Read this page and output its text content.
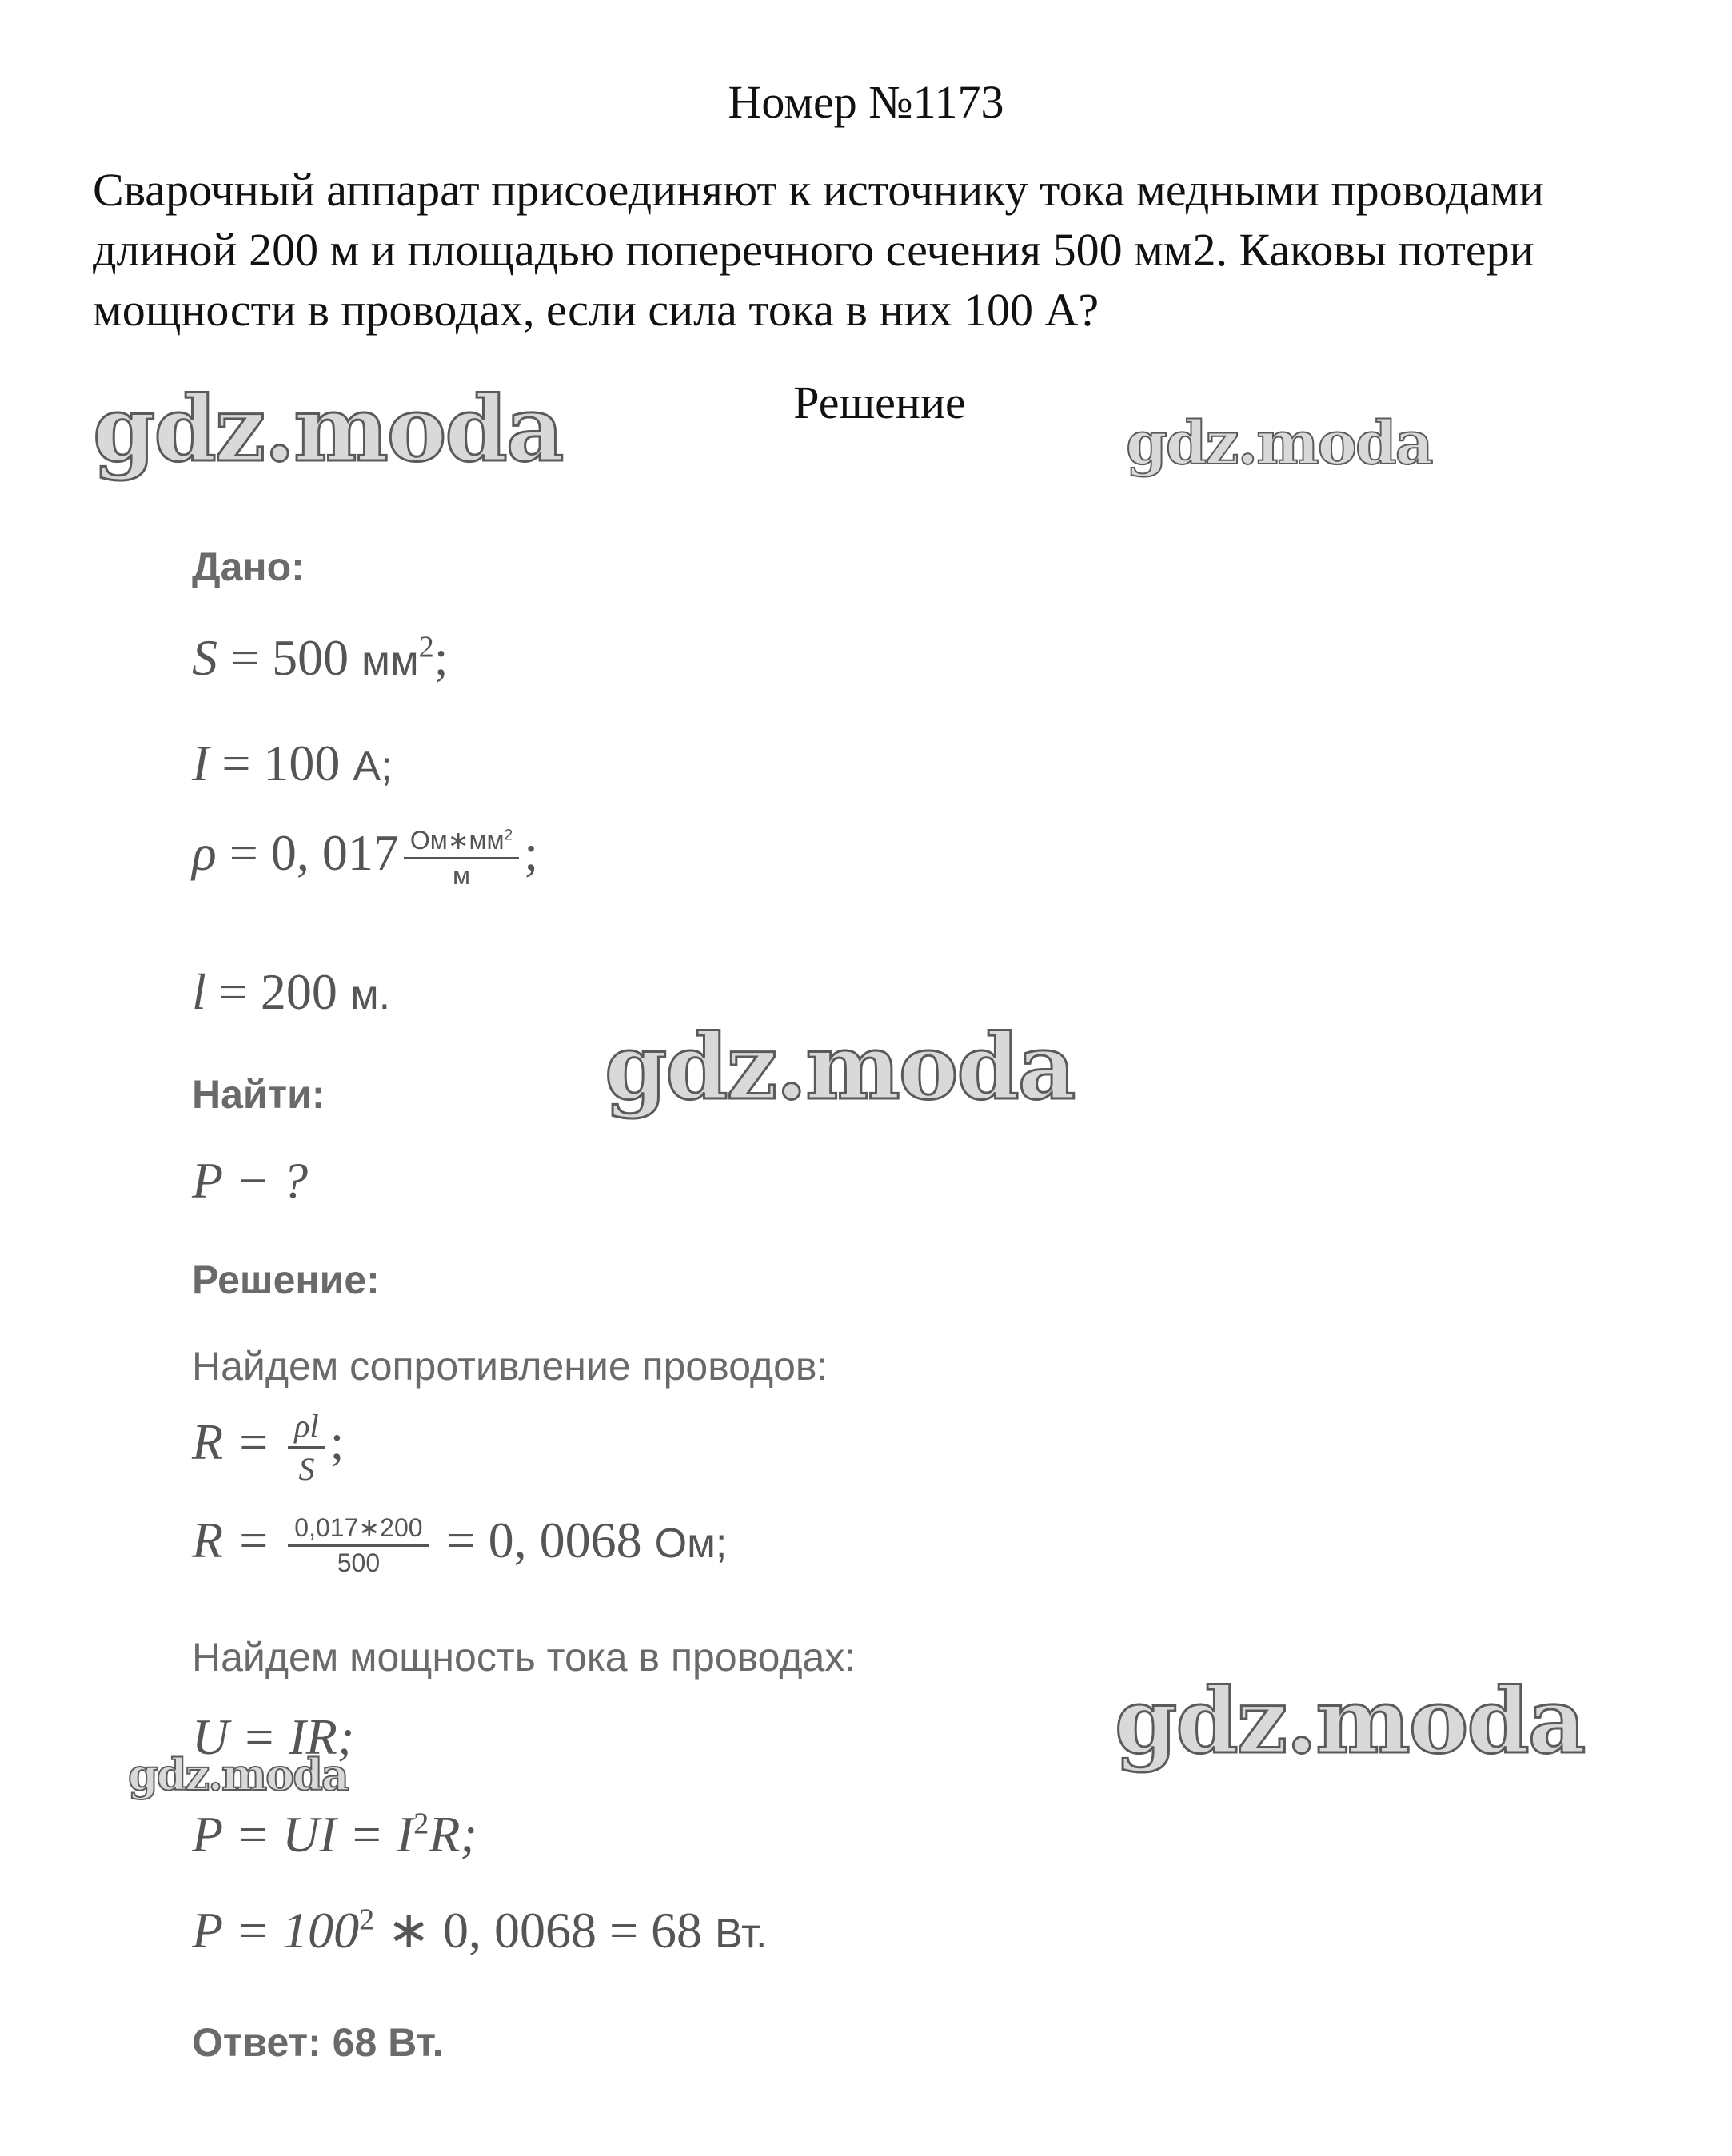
Номер №1173
Сварочный аппарат присоединяют к источнику тока медными проводами
длиной 200 м и площадью поперечного сечения 500 мм2. Каковы потери
мощности в проводах, если сила тока в них 100 А?
Решение
gdz.moda	gdz.moda
gdz.moda
gdz.moda
gdz.moda
Дано:
S = 500 $мм^2$;
I = 100 А;
ρ = 0, $017 \frac{Ом∗мм^2}{м}$ ;
l = 200 м.
Найти:
P − ?
Решение:
Найдем сопротивление проводов:
$R = \frac{\rho l}{S}$ ;
$R = \frac{0,017∗200}{500} = 0$, 0068 Ом;
Найдем мощность тока в проводах:
U = IR;
P = UI = $I^2R$;
$P = 100^2$ ∗ 0, 0068 = 68 Вт.
Ответ: 68 Вт.
